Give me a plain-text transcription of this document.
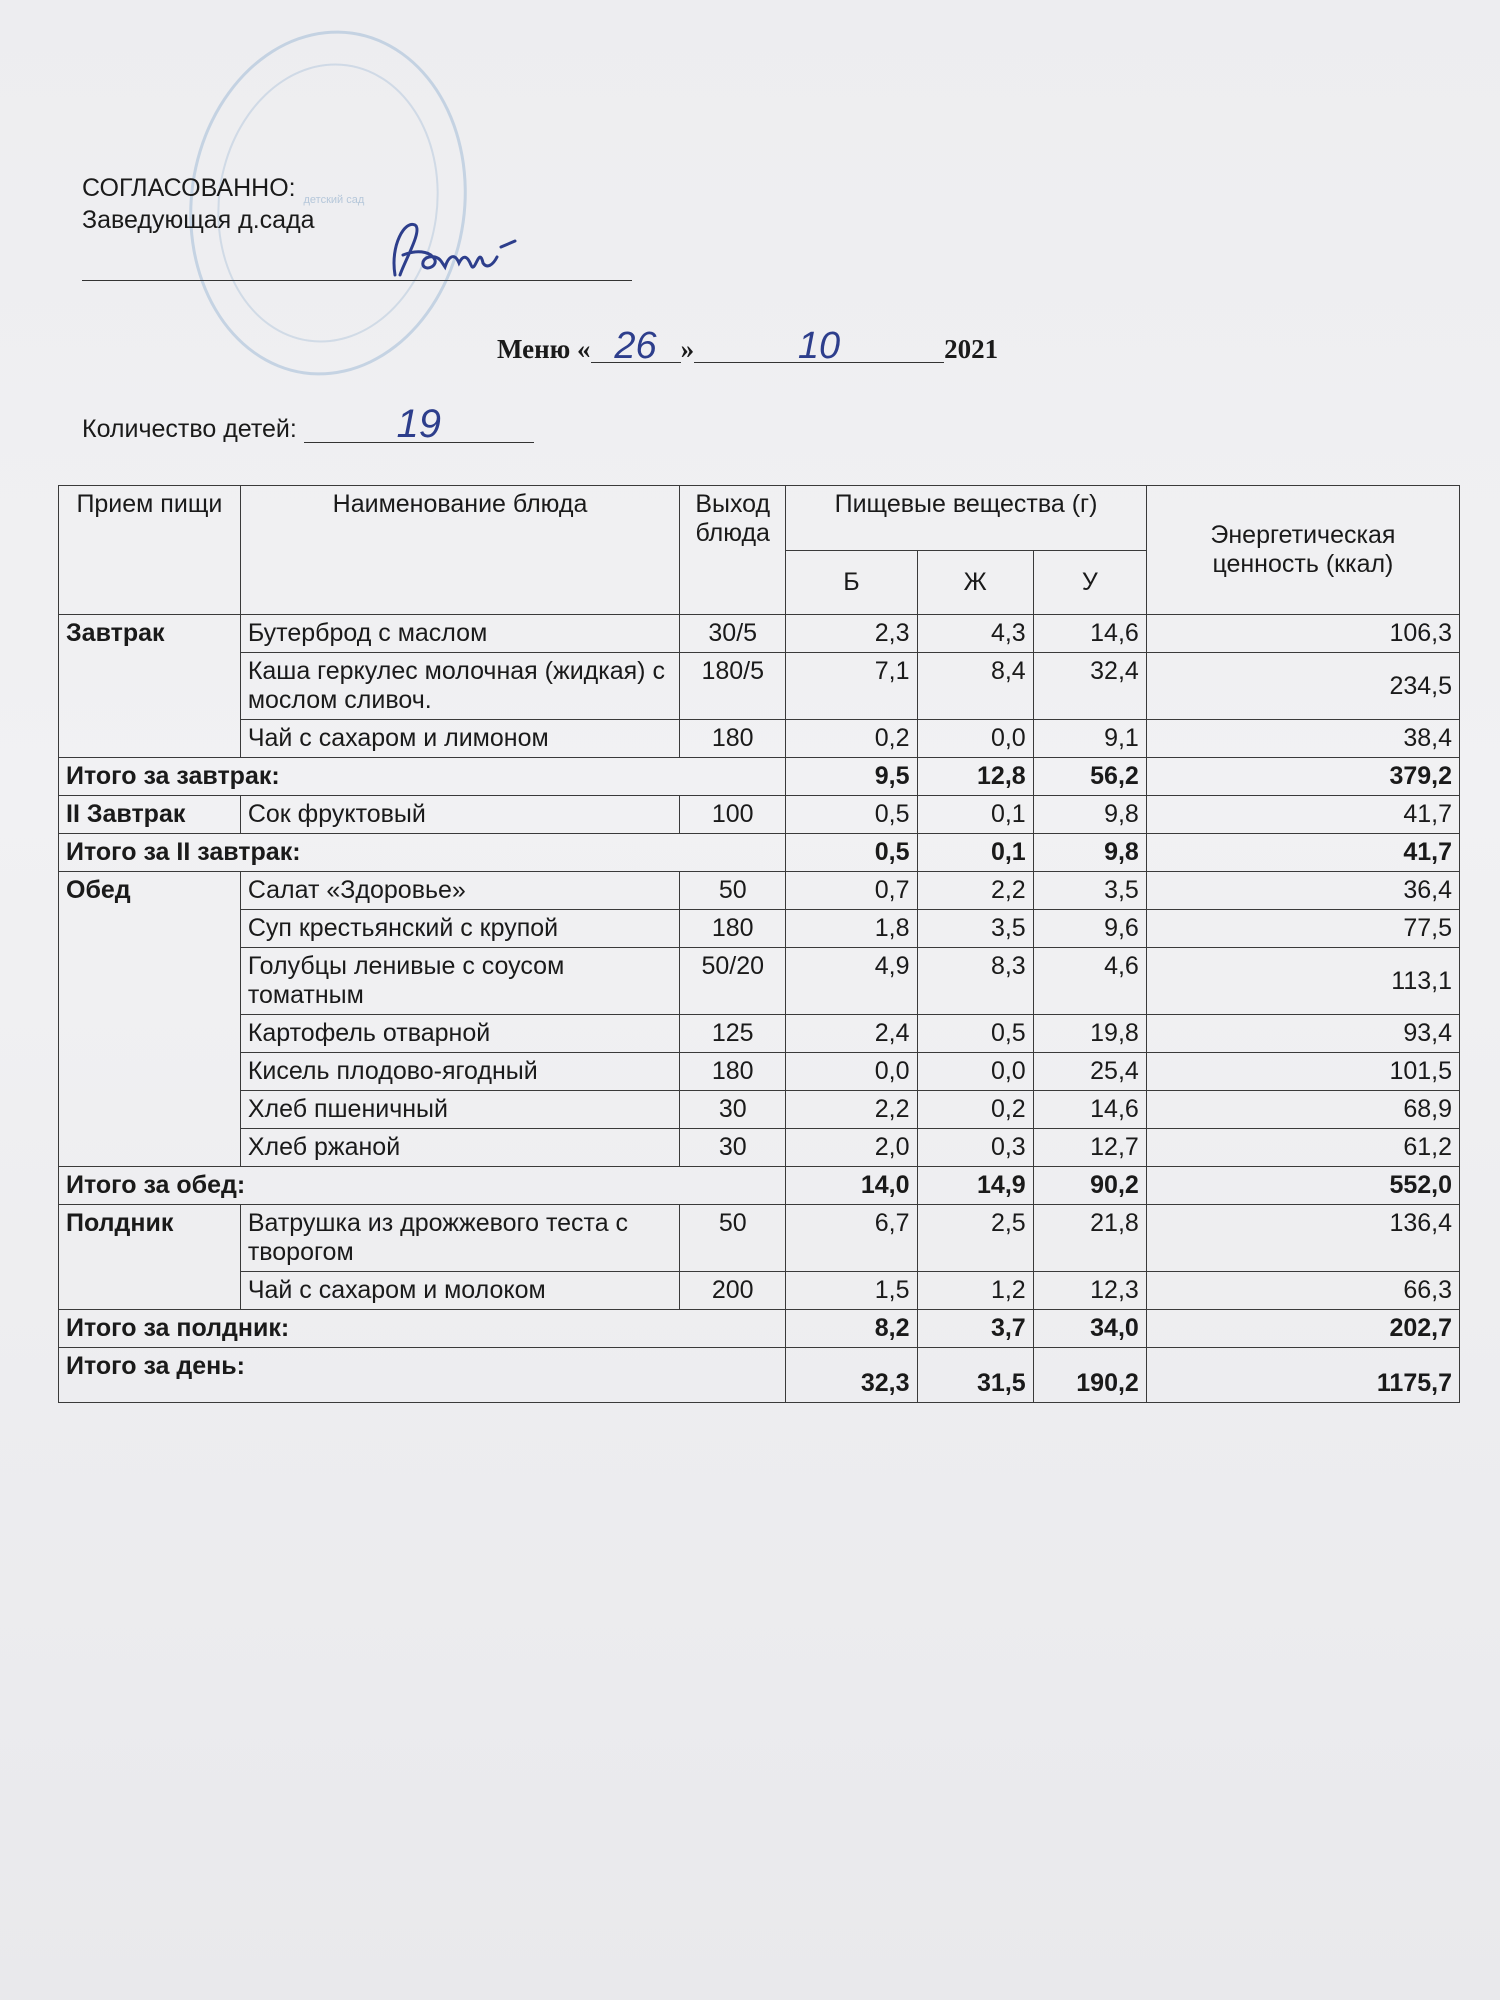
детский сад
СОГЛАСОВАННО:
Заведующая д.сада
Меню « 26 »	10	2021
Количество детей: 19
Прием пищи	Наименование блюда	Выход блюда	Пищевые вещества (г)			Энергетическая ценность (ккал)
			Б	Ж	У	
Завтрак	Бутерброд с маслом	30/5	2,3	4,3	14,6	106,3
	Каша геркулес молочная (жидкая) с мослом сливоч.	180/5	7,1	8,4	32,4	234,5
	Чай с сахаром и лимоном	180	0,2	0,0	9,1	38,4
Итого за завтрак:			9,5	12,8	56,2	379,2
II Завтрак	Сок фруктовый	100	0,5	0,1	9,8	41,7
Итого за II завтрак:			0,5	0,1	9,8	41,7
Обед	Салат «Здоровье»	50	0,7	2,2	3,5	36,4
	Суп крестьянский с крупой	180	1,8	3,5	9,6	77,5
	Голубцы ленивые с соусом томатным	50/20	4,9	8,3	4,6	113,1
	Картофель отварной	125	2,4	0,5	19,8	93,4
	Кисель плодово-ягодный	180	0,0	0,0	25,4	101,5
	Хлеб пшеничный	30	2,2	0,2	14,6	68,9
	Хлеб ржаной	30	2,0	0,3	12,7	61,2
Итого за обед:			14,0	14,9	90,2	552,0
Полдник	Ватрушка из дрожжевого теста с творогом	50	6,7	2,5	21,8	136,4
	Чай с сахаром и молоком	200	1,5	1,2	12,3	66,3
Итого за полдник:			8,2	3,7	34,0	202,7
Итого за день:			32,3	31,5	190,2	1175,7
